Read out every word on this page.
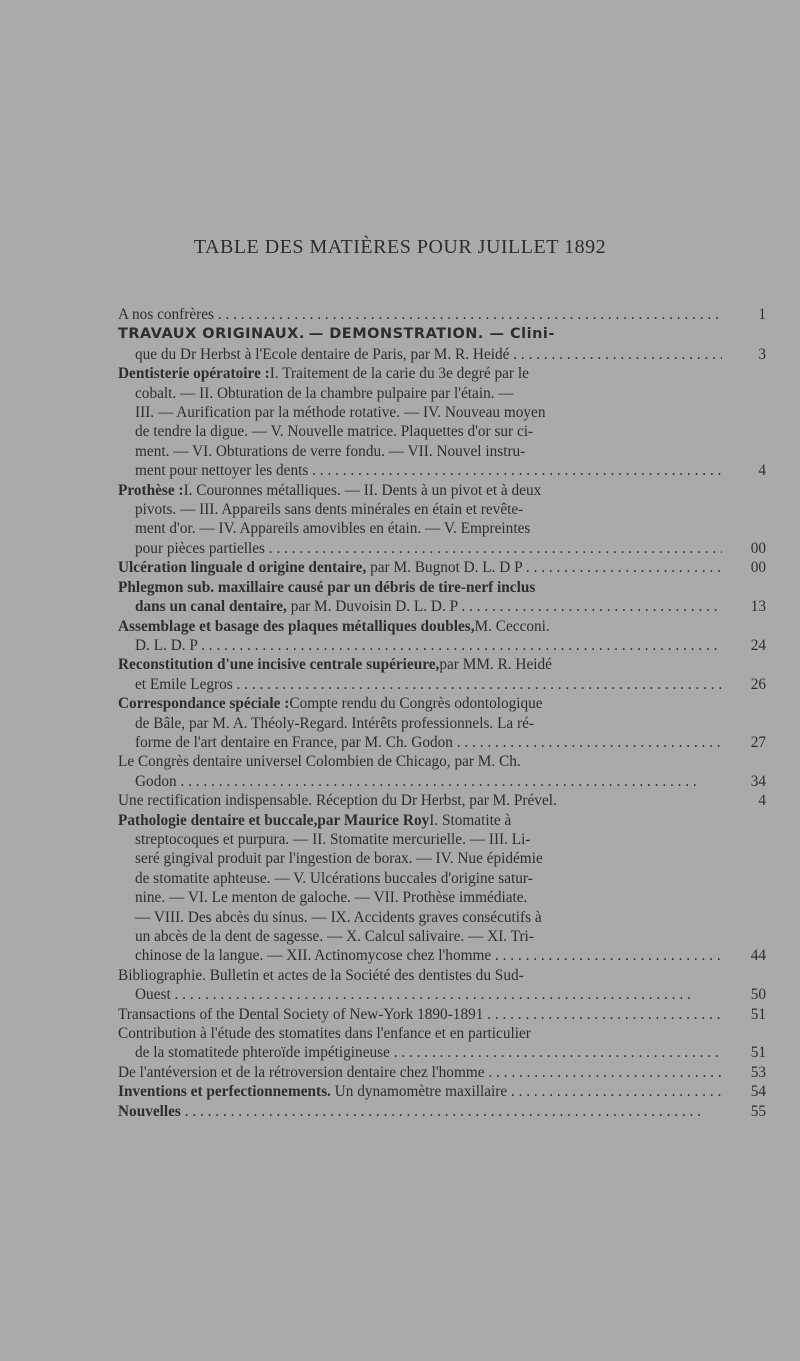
TABLE DES MATIÈRES POUR JUILLET 1892
A nos confrères . . .	1
TRAVAUX ORIGINAUX.
— DEMONSTRATION. — Clini-
que du Dr Herbst à l'Ecole dentaire de Paris, par M. R. Heidé . . .	3
Dentisterie opératoire : I. Traitement de la carie du 3e degré par le
cobalt. — II. Obturation de la chambre pulpaire par l'étain. —
III. — Aurification par la méthode rotative. — IV. Nouveau moyen
de tendre la digue. — V. Nouvelle matrice. Plaquettes d'or sur ci-
ment. — VI. Obturations de verre fondu. — VII. Nouvel instru-
ment pour nettoyer les dents . . .	4
Prothèse : I. Couronnes métalliques. — II. Dents à un pivot et à deux
pivots. — III. Appareils sans dents minérales en étain et revête-
ment d'or. — IV. Appareils amovibles en étain. — V. Empreintes
pour pièces partielles . . .	00
Ulcération linguale d origine dentaire, par M. Bugnot D. L. D P . . .	00
Phlegmon sub. maxillaire causé par un débris de tire-nerf inclus
dans un canal dentaire, par M. Duvoisin D. L. D. P . . .	13
Assemblage et basage des plaques métalliques doubles, M. Cecconi.
D. L. D. P . . .	24
Reconstitution d'une incisive centrale supérieure, par MM. R. Heidé
et Emile Legros . . .	26
Correspondance spéciale : Compte rendu du Congrès odontologique
de Bâle, par M. A. Théoly-Regard. Intérêts professionnels. La ré-
forme de l'art dentaire en France, par M. Ch. Godon . . .	27
Le Congrès dentaire universel Colombien de Chicago, par M. Ch.
Godon . . .	34
Une rectification indispensable. Réception du Dr Herbst, par M. Prével.	4
Pathologie dentaire et buccale, par Maurice Roy I. Stomatite à
streptocoques et purpura. — II. Stomatite mercurielle. — III. Li-
seré gingival produit par l'ingestion de borax. — IV. Nue épidémie
de stomatite aphteuse. — V. Ulcérations buccales d'origine satur-
nine. — VI. Le menton de galoche. — VII. Prothèse immédiate.
— VIII. Des abcès du sinus. — IX. Accidents graves consécutifs à
un abcès de la dent de sagesse. — X. Calcul salivaire. — XI. Tri-
chinose de la langue. — XII. Actinomycose chez l'homme . . .	44
Bibliographie. Bulletin et actes de la Société des dentistes du Sud-
Ouest . . .	50
Transactions of the Dental Society of New-York 1890-1891 . . .	51
Contribution à l'étude des stomatites dans l'enfance et en particulier
de la stomatitede phteroïde impétigineuse . . .	51
De l'antéversion et de la rétroversion dentaire chez l'homme . . .	53
Inventions et perfectionnements. Un dynamomètre maxillaire . . .	54
Nouvelles . . .	55
